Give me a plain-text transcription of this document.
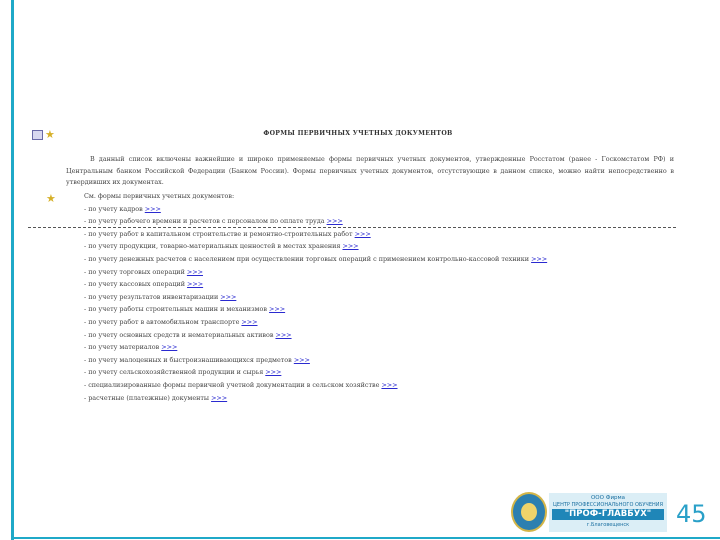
★	ФОРМЫ ПЕРВИЧНЫХ УЧЕТНЫХ ДОКУМЕНТОВ
В данный список включены важнейшие и широко применяемые формы первичных учетных документов, утвержденные Росстатом (ранее - Госкомстатом РФ) и Центральным банком Российской Федерации (Банком России). Формы первичных учетных документов, отсутствующие в данном списке, можно найти непосредственно в утвердивших их документах.
★	См. формы первичных учетных документов:
- по учету кадров >>>
- по учету рабочего времени и расчетов с персоналом по оплате труда >>>
- по учету работ в капитальном строительстве и ремонтно-строительных работ >>>
- по учету продукции, товарно-материальных ценностей в местах хранения >>>
- по учету денежных расчетов с населением при осуществлении торговых операций с применением контрольно-кассовой техники >>>
- по учету торговых операций >>>
- по учету кассовых операций >>>
- по учету результатов инвентаризации >>>
- по учету работы строительных машин и механизмов >>>
- по учету работ в автомобильном транспорте >>>
- по учету основных средств и нематериальных активов >>>
- по учету материалов >>>
- по учету малоценных и быстроизнашивающихся предметов >>>
- по учету сельскохозяйственной продукции и сырья >>>
- специализированные формы первичной учетной документации в сельском хозяйстве >>>
- расчетные (платежные) документы >>>
ООО Фирма
ЦЕНТР ПРОФЕССИОНАЛЬНОГО ОБУЧЕНИЯ
"ПРОФ-ГЛАВБУХ"
г.Благовещенск	45
